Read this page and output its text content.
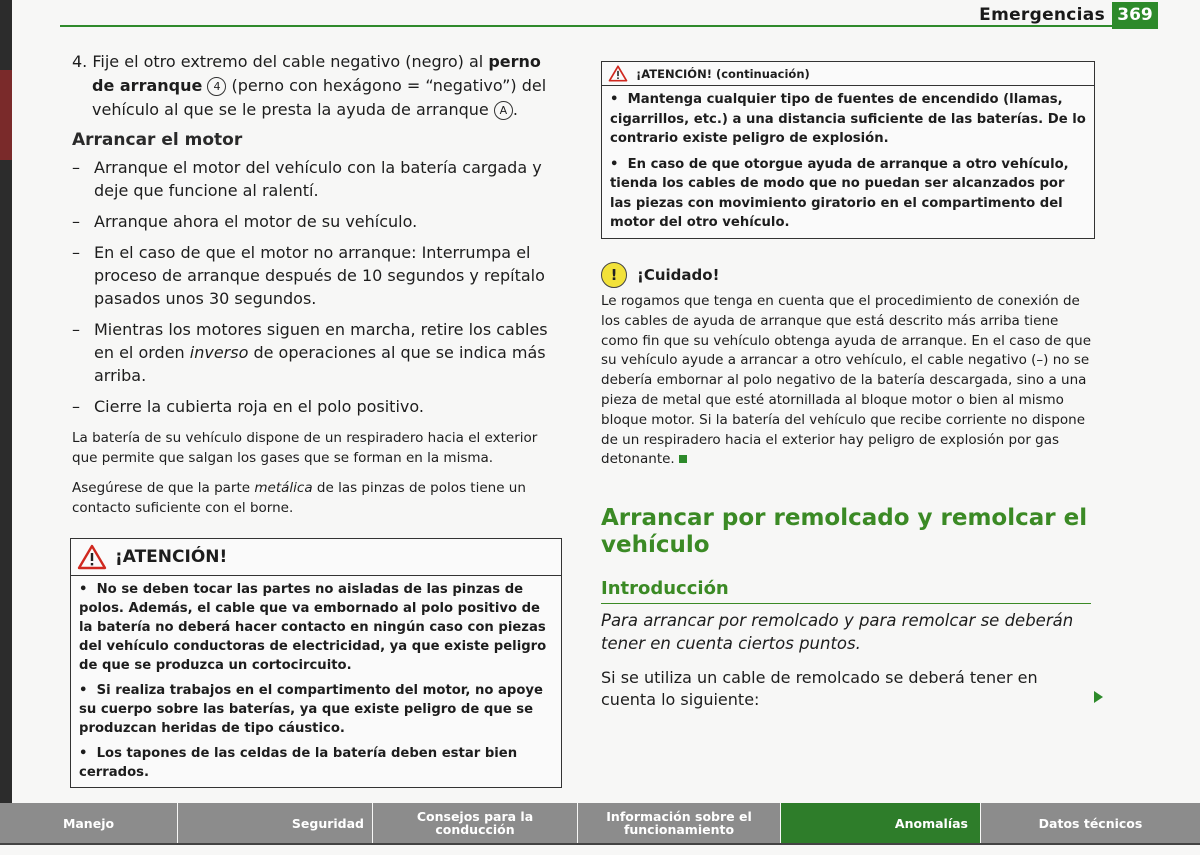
Emergencias 369

4. Fije el otro extremo del cable negativo (negro) al perno de arranque 4 (perno con hexágono = “negativo”) del vehículo al que se le presta la ayuda de arranque A .

Arrancar el motor
– Arranque el motor del vehículo con la batería cargada y deje que funcione al ralentí.
– Arranque ahora el motor de su vehículo.
– En el caso de que el motor no arranque: Interrumpa el proceso de arranque después de 10 segundos y repítalo pasados unos 30 segundos.
– Mientras los motores siguen en marcha, retire los cables en el orden inverso de operaciones al que se indica más arriba.
– Cierre la cubierta roja en el polo positivo.

La batería de su vehículo dispone de un respiradero hacia el exterior que permite que salgan los gases que se forman en la misma.

Asegúrese de que la parte metálica de las pinzas de polos tiene un contacto suficiente con el borne.

¡ATENCIÓN!

•  No se deben tocar las partes no aisladas de las pinzas de polos. Además, el cable que va embornado al polo positivo de la batería no deberá hacer contacto en ningún caso con piezas del vehículo conductoras de electricidad, ya que existe peligro de que se produzca un cortocircuito.

•  Si realiza trabajos en el compartimento del motor, no apoye su cuerpo sobre las baterías, ya que existe peligro de que se produzcan heridas de tipo cáustico.

•  Los tapones de las celdas de la batería deben estar bien cerrados.

¡ATENCIÓN! (continuación)

•  Mantenga cualquier tipo de fuentes de encendido (llamas, cigarrillos, etc.) a una distancia suficiente de las baterías. De lo contrario existe peligro de explosión.

•  En caso de que otorgue ayuda de arranque a otro vehículo, tienda los cables de modo que no puedan ser alcanzados por las piezas con movimiento giratorio en el compartimento del motor del otro vehículo.

!	¡Cuidado!

Le rogamos que tenga en cuenta que el procedimiento de conexión de los cables de ayuda de arranque que está descrito más arriba tiene como fin que su vehículo obtenga ayuda de arranque. En el caso de que su vehículo ayude a arrancar a otro vehículo, el cable negativo (–) no se debería embornar al polo negativo de la batería descargada, sino a una pieza de metal que esté atornillada al bloque motor o bien al mismo bloque motor. Si la batería del vehículo que recibe corriente no dispone de un respiradero hacia el exterior hay peligro de explosión por gas detonante.

Arrancar por remolcado y remolcar el vehículo
Introducción

Para arrancar por remolcado y para remolcar se deberán tener en cuenta ciertos puntos.

Si se utiliza un cable de remolcado se deberá tener en cuenta lo siguiente:

Manejo	Seguridad	Consejos para la conducción
Información sobre el funcionamiento	Anomalías	Datos técnicos
